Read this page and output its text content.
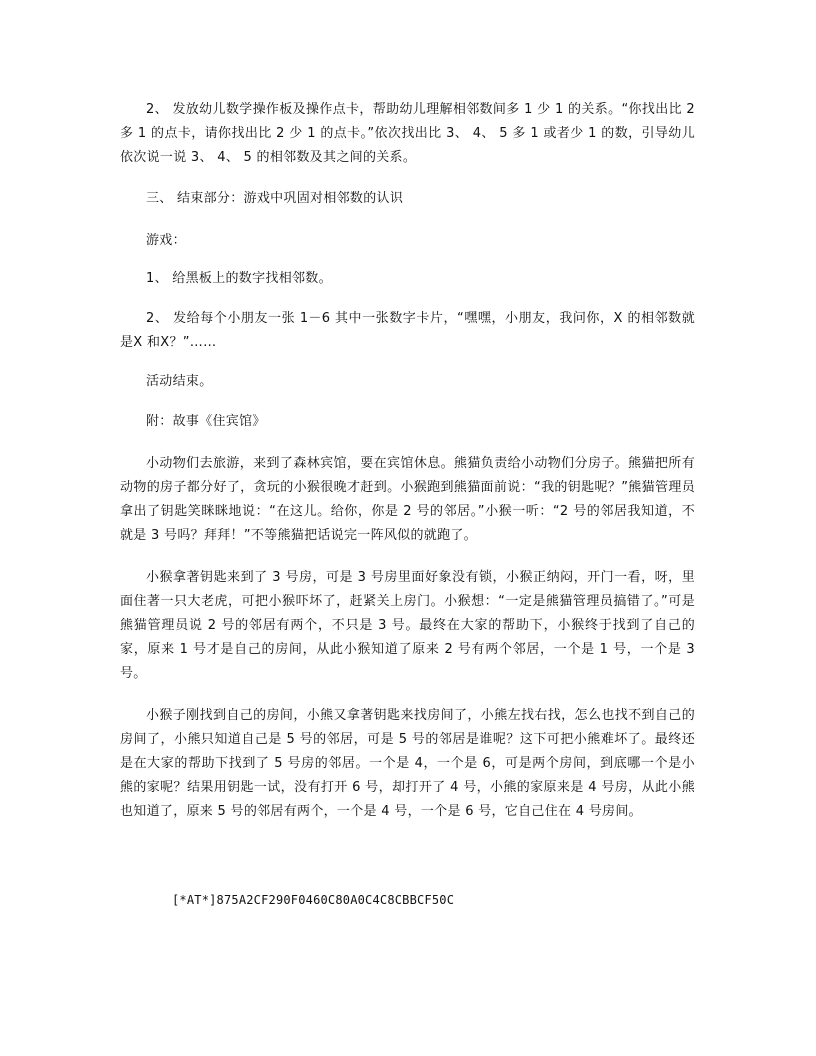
2、 发放幼儿数学操作板及操作点卡，帮助幼儿理解相邻数间多 1 少 1 的关系。“你找出比 2 多 1 的点卡，请你找出比 2 少 1 的点卡。”依次找出比 3、 4、 5 多 1 或者少 1 的数，引导幼儿依次说一说 3、 4、 5 的相邻数及其之间的关系。

三、 结束部分：游戏中巩固对相邻数的认识

游戏：

1、 给黑板上的数字找相邻数。

2、 发给每个小朋友一张 1－6 其中一张数字卡片，“嘿嘿，小朋友，我问你，X 的相邻数就是X 和X？”……

活动结束。

附：故事《住宾馆》

小动物们去旅游，来到了森林宾馆，要在宾馆休息。熊猫负责给小动物们分房子。熊猫把所有动物的房子都分好了，贪玩的小猴很晚才赶到。小猴跑到熊猫面前说：“我的钥匙呢？”熊猫管理员拿出了钥匙笑眯眯地说：“在这儿。给你，你是 2 号的邻居。”小猴一听：“2 号的邻居我知道，不就是 3 号吗？拜拜！”不等熊猫把话说完一阵风似的就跑了。

小猴拿著钥匙来到了 3 号房，可是 3 号房里面好象没有锁，小猴正纳闷，开门一看，呀，里面住著一只大老虎，可把小猴吓坏了，赶紧关上房门。小猴想：“一定是熊猫管理员搞错了。”可是熊猫管理员说 2 号的邻居有两个，不只是 3 号。最终在大家的帮助下，小猴终于找到了自己的家，原来 1 号才是自己的房间，从此小猴知道了原来 2 号有两个邻居，一个是 1 号，一个是 3 号。

小猴子刚找到自己的房间，小熊又拿著钥匙来找房间了，小熊左找右找，怎么也找不到自己的房间了，小熊只知道自己是 5 号的邻居，可是 5 号的邻居是谁呢？这下可把小熊难坏了。最终还是在大家的帮助下找到了 5 号房的邻居。一个是 4，一个是 6，可是两个房间，到底哪一个是小熊的家呢？结果用钥匙一试，没有打开 6 号，却打开了 4 号，小熊的家原来是 4 号房，从此小熊也知道了，原来 5 号的邻居有两个，一个是 4 号，一个是 6 号，它自己住在 4 号房间。

[*AT*]875A2CF290F0460C80A0C4C8CBBCF50C
